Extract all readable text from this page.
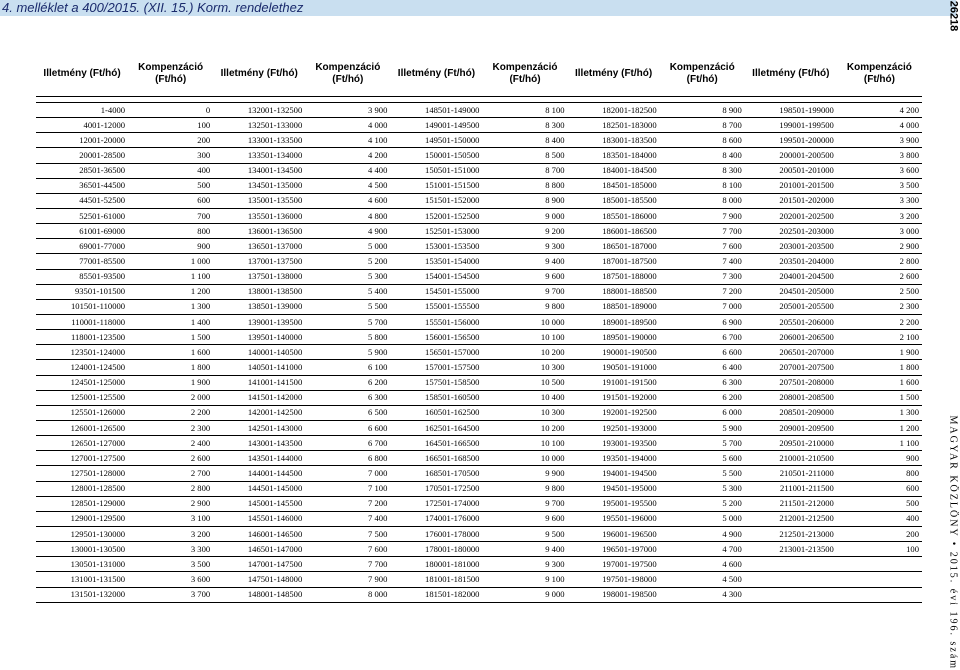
4. melléklet a 400/2015. (XII. 15.) Korm. rendelethez	26218
MAGYAR KÖZLÖNY • 2015. évi 196. szám
Illetmény (Ft/hó)	Kompenzáció (Ft/hó)	Illetmény (Ft/hó)	Kompenzáció (Ft/hó)	Illetmény (Ft/hó)	Kompenzáció (Ft/hó)	Illetmény (Ft/hó)	Kompenzáció (Ft/hó)	Illetmény (Ft/hó)	Kompenzáció (Ft/hó)

1-4000	0	132001-132500	3 900	148501-149000	8 100	182001-182500	8 900	198501-199000	4 200
4001-12000	100	132501-133000	4 000	149001-149500	8 300	182501-183000	8 700	199001-199500	4 000
12001-20000	200	133001-133500	4 100	149501-150000	8 400	183001-183500	8 600	199501-200000	3 900
20001-28500	300	133501-134000	4 200	150001-150500	8 500	183501-184000	8 400	200001-200500	3 800
28501-36500	400	134001-134500	4 400	150501-151000	8 700	184001-184500	8 300	200501-201000	3 600
36501-44500	500	134501-135000	4 500	151001-151500	8 800	184501-185000	8 100	201001-201500	3 500
44501-52500	600	135001-135500	4 600	151501-152000	8 900	185001-185500	8 000	201501-202000	3 300
52501-61000	700	135501-136000	4 800	152001-152500	9 000	185501-186000	7 900	202001-202500	3 200
61001-69000	800	136001-136500	4 900	152501-153000	9 200	186001-186500	7 700	202501-203000	3 000
69001-77000	900	136501-137000	5 000	153001-153500	9 300	186501-187000	7 600	203001-203500	2 900
77001-85500	1 000	137001-137500	5 200	153501-154000	9 400	187001-187500	7 400	203501-204000	2 800
85501-93500	1 100	137501-138000	5 300	154001-154500	9 600	187501-188000	7 300	204001-204500	2 600
93501-101500	1 200	138001-138500	5 400	154501-155000	9 700	188001-188500	7 200	204501-205000	2 500
101501-110000	1 300	138501-139000	5 500	155001-155500	9 800	188501-189000	7 000	205001-205500	2 300
110001-118000	1 400	139001-139500	5 700	155501-156000	10 000	189001-189500	6 900	205501-206000	2 200
118001-123500	1 500	139501-140000	5 800	156001-156500	10 100	189501-190000	6 700	206001-206500	2 100
123501-124000	1 600	140001-140500	5 900	156501-157000	10 200	190001-190500	6 600	206501-207000	1 900
124001-124500	1 800	140501-141000	6 100	157001-157500	10 300	190501-191000	6 400	207001-207500	1 800
124501-125000	1 900	141001-141500	6 200	157501-158500	10 500	191001-191500	6 300	207501-208000	1 600
125001-125500	2 000	141501-142000	6 300	158501-160500	10 400	191501-192000	6 200	208001-208500	1 500
125501-126000	2 200	142001-142500	6 500	160501-162500	10 300	192001-192500	6 000	208501-209000	1 300
126001-126500	2 300	142501-143000	6 600	162501-164500	10 200	192501-193000	5 900	209001-209500	1 200
126501-127000	2 400	143001-143500	6 700	164501-166500	10 100	193001-193500	5 700	209501-210000	1 100
127001-127500	2 600	143501-144000	6 800	166501-168500	10 000	193501-194000	5 600	210001-210500	900
127501-128000	2 700	144001-144500	7 000	168501-170500	9 900	194001-194500	5 500	210501-211000	800
128001-128500	2 800	144501-145000	7 100	170501-172500	9 800	194501-195000	5 300	211001-211500	600
128501-129000	2 900	145001-145500	7 200	172501-174000	9 700	195001-195500	5 200	211501-212000	500
129001-129500	3 100	145501-146000	7 400	174001-176000	9 600	195501-196000	5 000	212001-212500	400
129501-130000	3 200	146001-146500	7 500	176001-178000	9 500	196001-196500	4 900	212501-213000	200
130001-130500	3 300	146501-147000	7 600	178001-180000	9 400	196501-197000	4 700	213001-213500	100
130501-131000	3 500	147001-147500	7 700	180001-181000	9 300	197001-197500	4 600		
131001-131500	3 600	147501-148000	7 900	181001-181500	9 100	197501-198000	4 500		
131501-132000	3 700	148001-148500	8 000	181501-182000	9 000	198001-198500	4 300		
